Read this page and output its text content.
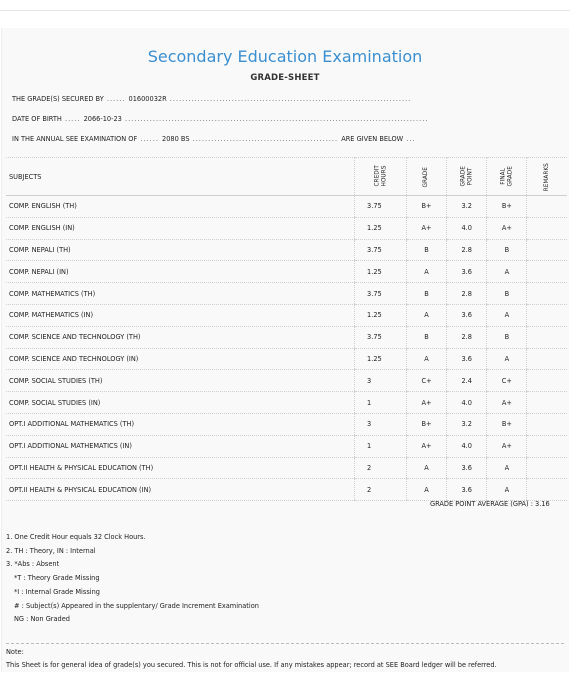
Secondary Education Examination
GRADE-SHEET
THE GRADE(S) SECURED BY ...... 01600032R ..............................................................................
DATE OF BIRTH ..... 2066-10-23 ..................................................................................................
IN THE ANNUAL SEE EXAMINATION OF ...... 2080 BS ............................................... ARE GIVEN BELOW ...
SUBJECTS	CREDIT HOURS	GRADE	GRADE POINT	FINAL GRADE	REMARKS
COMP. ENGLISH (TH)	3.75	B+	3.2	B+	
COMP. ENGLISH (IN)	1.25	A+	4.0	A+	
COMP. NEPALI (TH)	3.75	B	2.8	B	
COMP. NEPALI (IN)	1.25	A	3.6	A	
COMP. MATHEMATICS (TH)	3.75	B	2.8	B	
COMP. MATHEMATICS (IN)	1.25	A	3.6	A	
COMP. SCIENCE AND TECHNOLOGY (TH)	3.75	B	2.8	B	
COMP. SCIENCE AND TECHNOLOGY (IN)	1.25	A	3.6	A	
COMP. SOCIAL STUDIES (TH)	3	C+	2.4	C+	
COMP. SOCIAL STUDIES (IN)	1	A+	4.0	A+	
OPT.I ADDITIONAL MATHEMATICS (TH)	3	B+	3.2	B+	
OPT.I ADDITIONAL MATHEMATICS (IN)	1	A+	4.0	A+	
OPT.II HEALTH & PHYSICAL EDUCATION (TH)	2	A	3.6	A	
OPT.II HEALTH & PHYSICAL EDUCATION (IN)	2	A	3.6	A	
GRADE POINT AVERAGE (GPA) : 3.16
1. One Credit Hour equals 32 Clock Hours.
2. TH : Theory, IN : Internal
3. *Abs : Absent
*T : Theory Grade Missing
*I : Internal Grade Missing
# : Subject(s) Appeared in the supplentary/ Grade Increment Examination
NG : Non Graded
Note:
This Sheet is for general idea of grade(s) you secured. This is not for official use. If any mistakes appear; record at SEE Board ledger will be referred.
